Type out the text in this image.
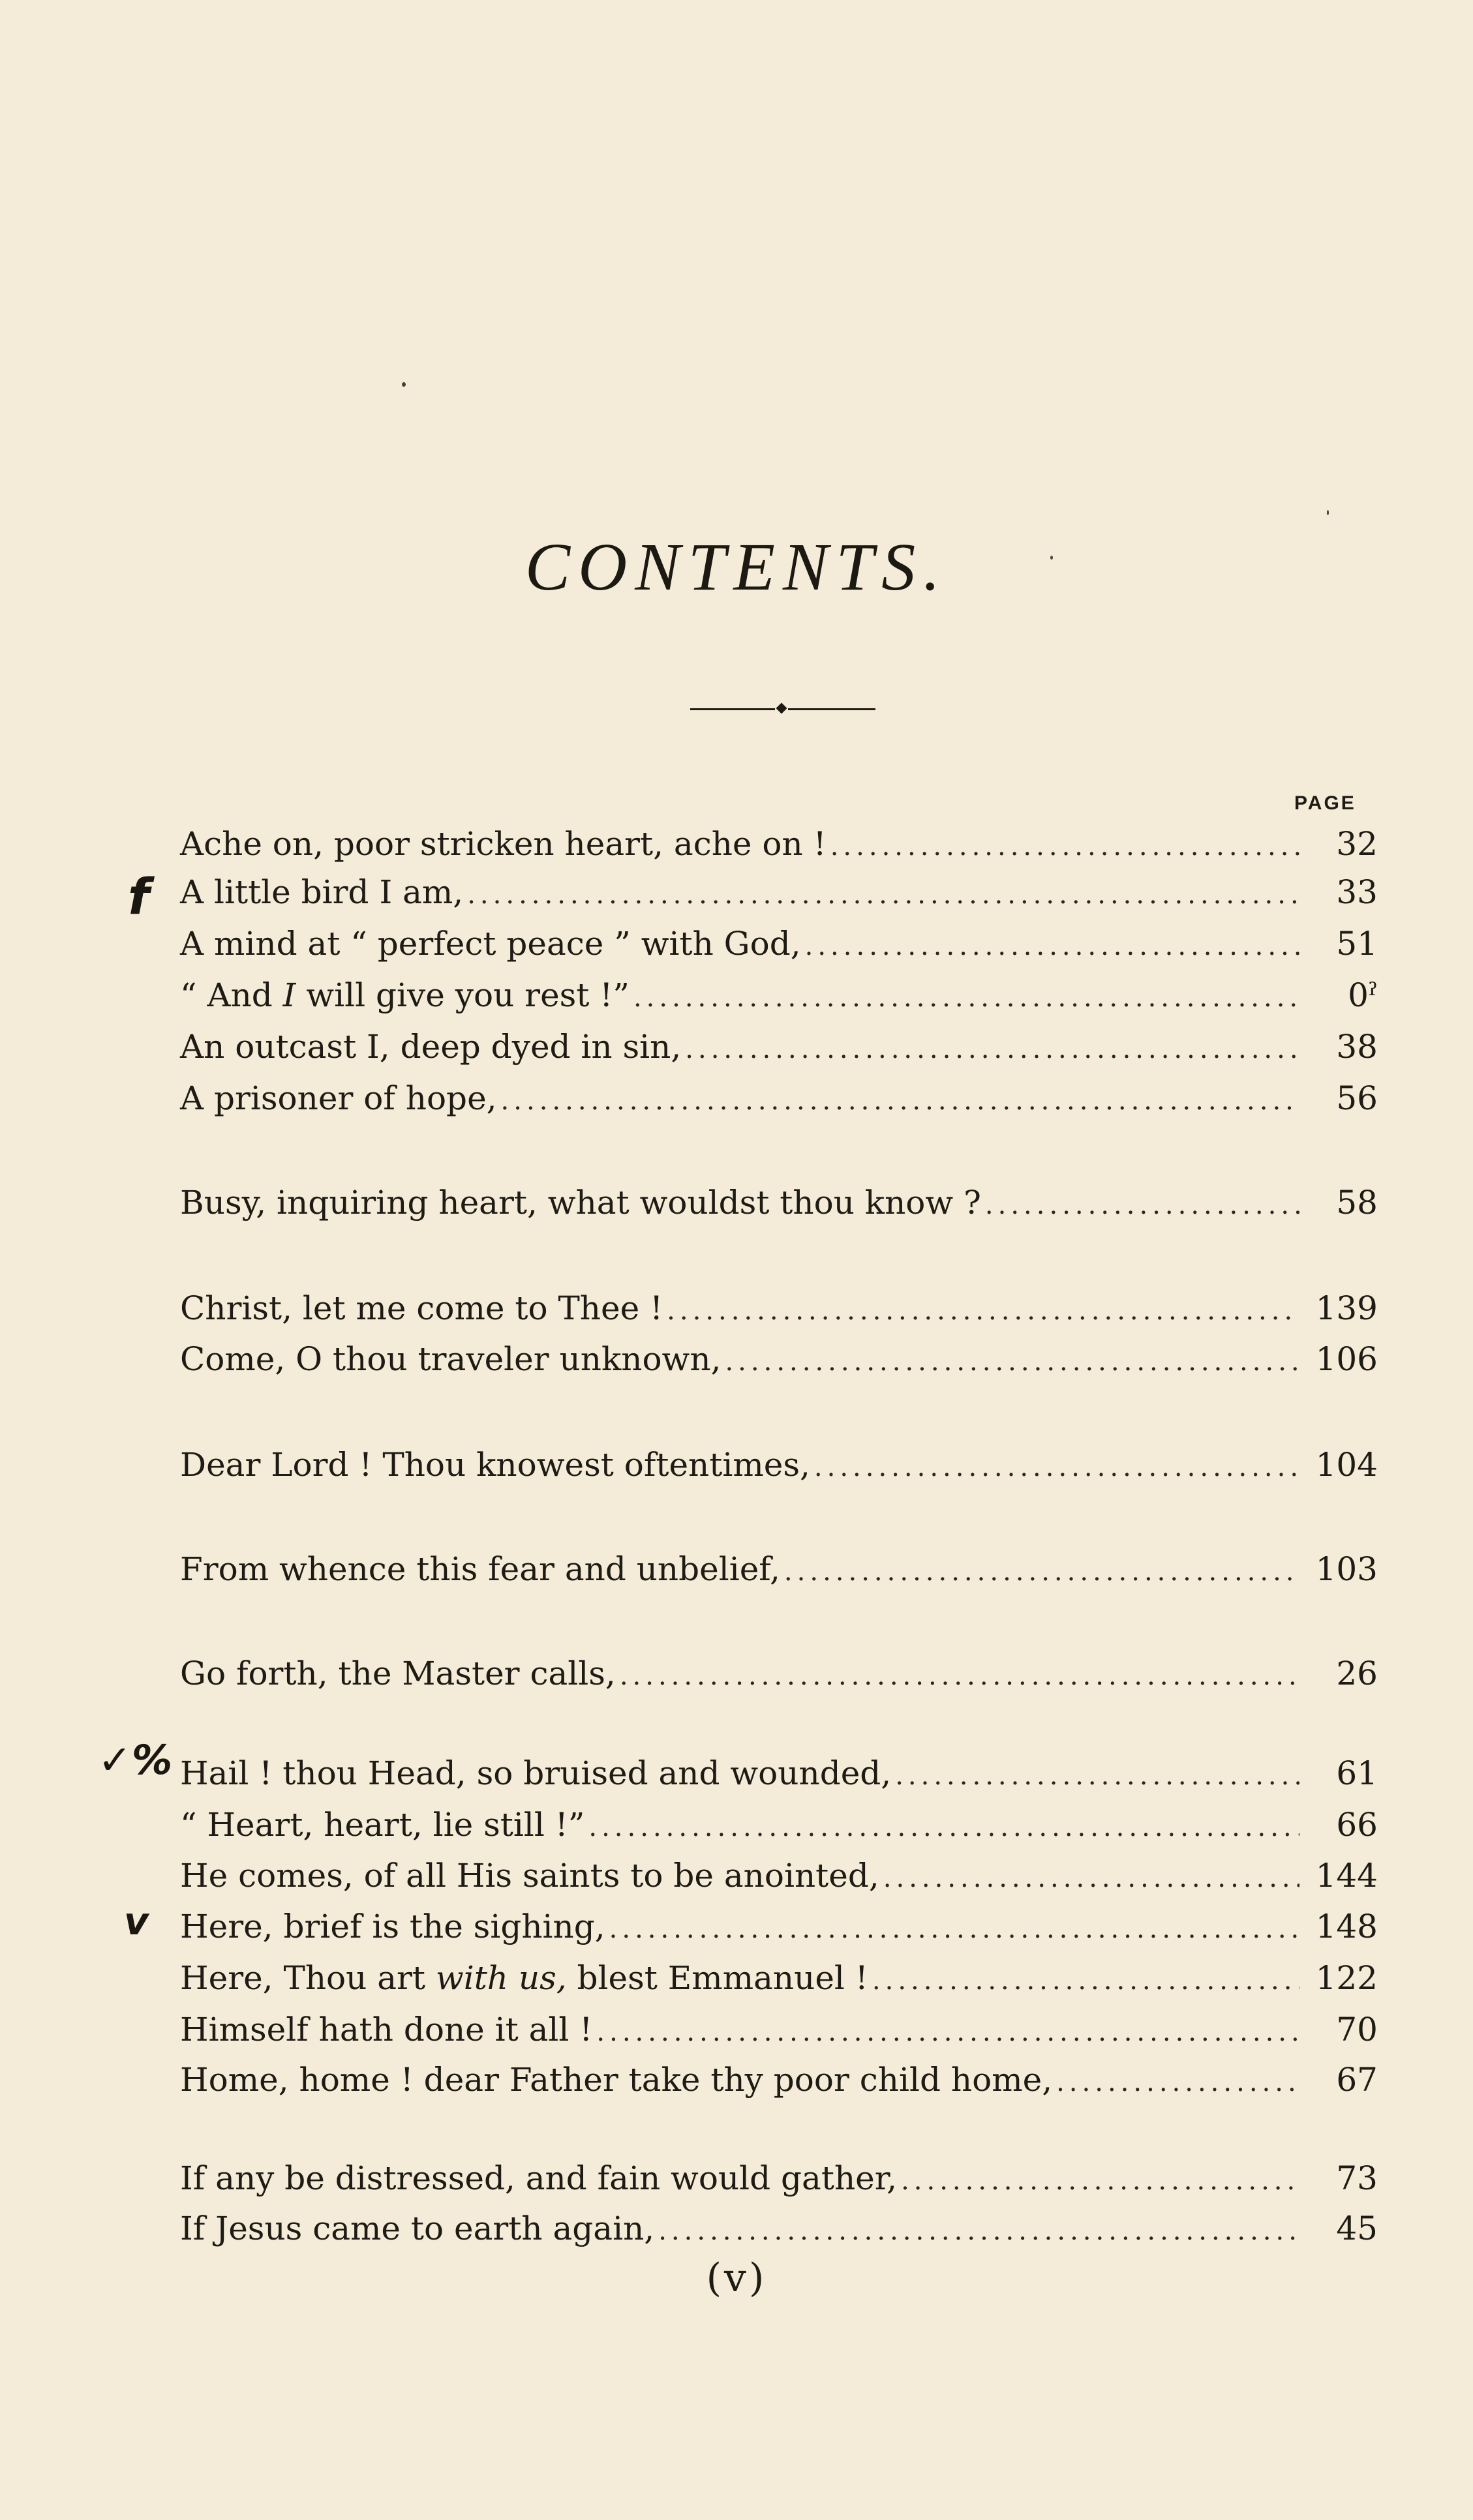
CONTENTS.
PAGE
Ache on, poor stricken heart, ache on ! .....	32
A little bird I am, .....	33
A mind at “ perfect peace ” with God, .....	51
“ And I will give you rest !” .....	0ˀ
An outcast I, deep dyed in sin, .....	38
A prisoner of hope, .....	56
Busy, inquiring heart, what wouldst thou know ? .....	58
Christ, let me come to Thee ! .....	139
Come, O thou traveler unknown, .....	106
Dear Lord ! Thou knowest oftentimes, .....	104
From whence this fear and unbelief, .....	103
Go forth, the Master calls, .....	26
Hail ! thou Head, so bruised and wounded, .....	61
“ Heart, heart, lie still !” .....	66
He comes, of all His saints to be anointed, .....	144
Here, brief is the sighing, .....	148
Here, Thou art with us, blest Emmanuel ! .....	122
Himself hath done it all ! .....	70
Home, home ! dear Father take thy poor child home, .....	67
If any be distressed, and fain would gather, .....	73
If Jesus came to earth again, .....	45
f
✓%
v
(v)
